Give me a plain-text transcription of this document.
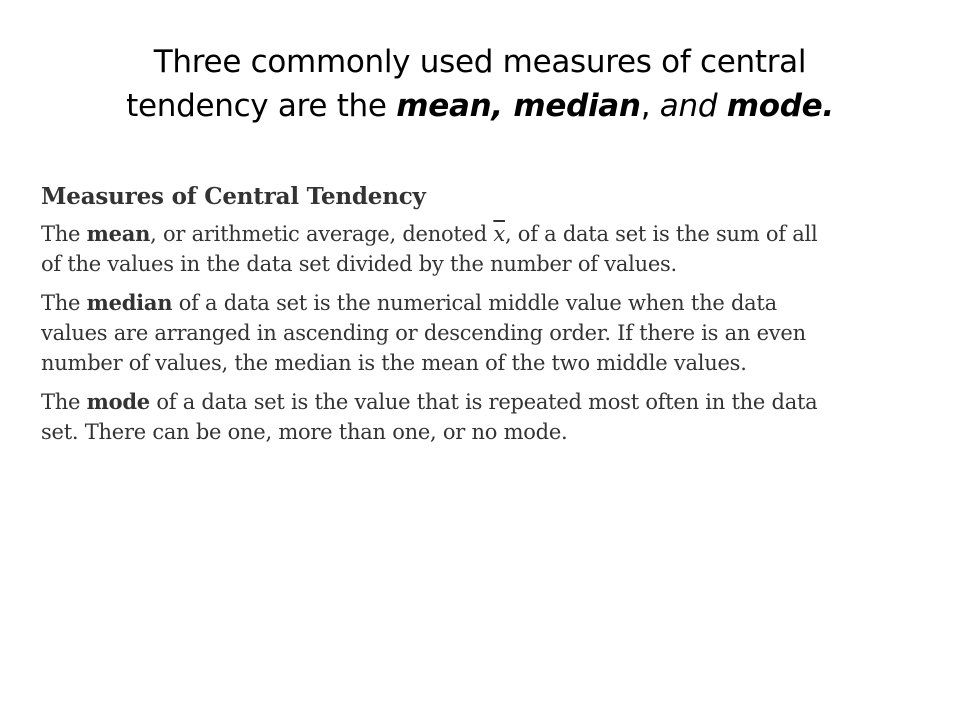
Three commonly used measures of central
tendency are the mean, median, and mode.
Measures of Central Tendency
The mean, or arithmetic average, denoted $\overline{x}$, of a data set is the sum of all
of the values in the data set divided by the number of values.
The median of a data set is the numerical middle value when the data
values are arranged in ascending or descending order. If there is an even
number of values, the median is the mean of the two middle values.
The mode of a data set is the value that is repeated most often in the data
set. There can be one, more than one, or no mode.
